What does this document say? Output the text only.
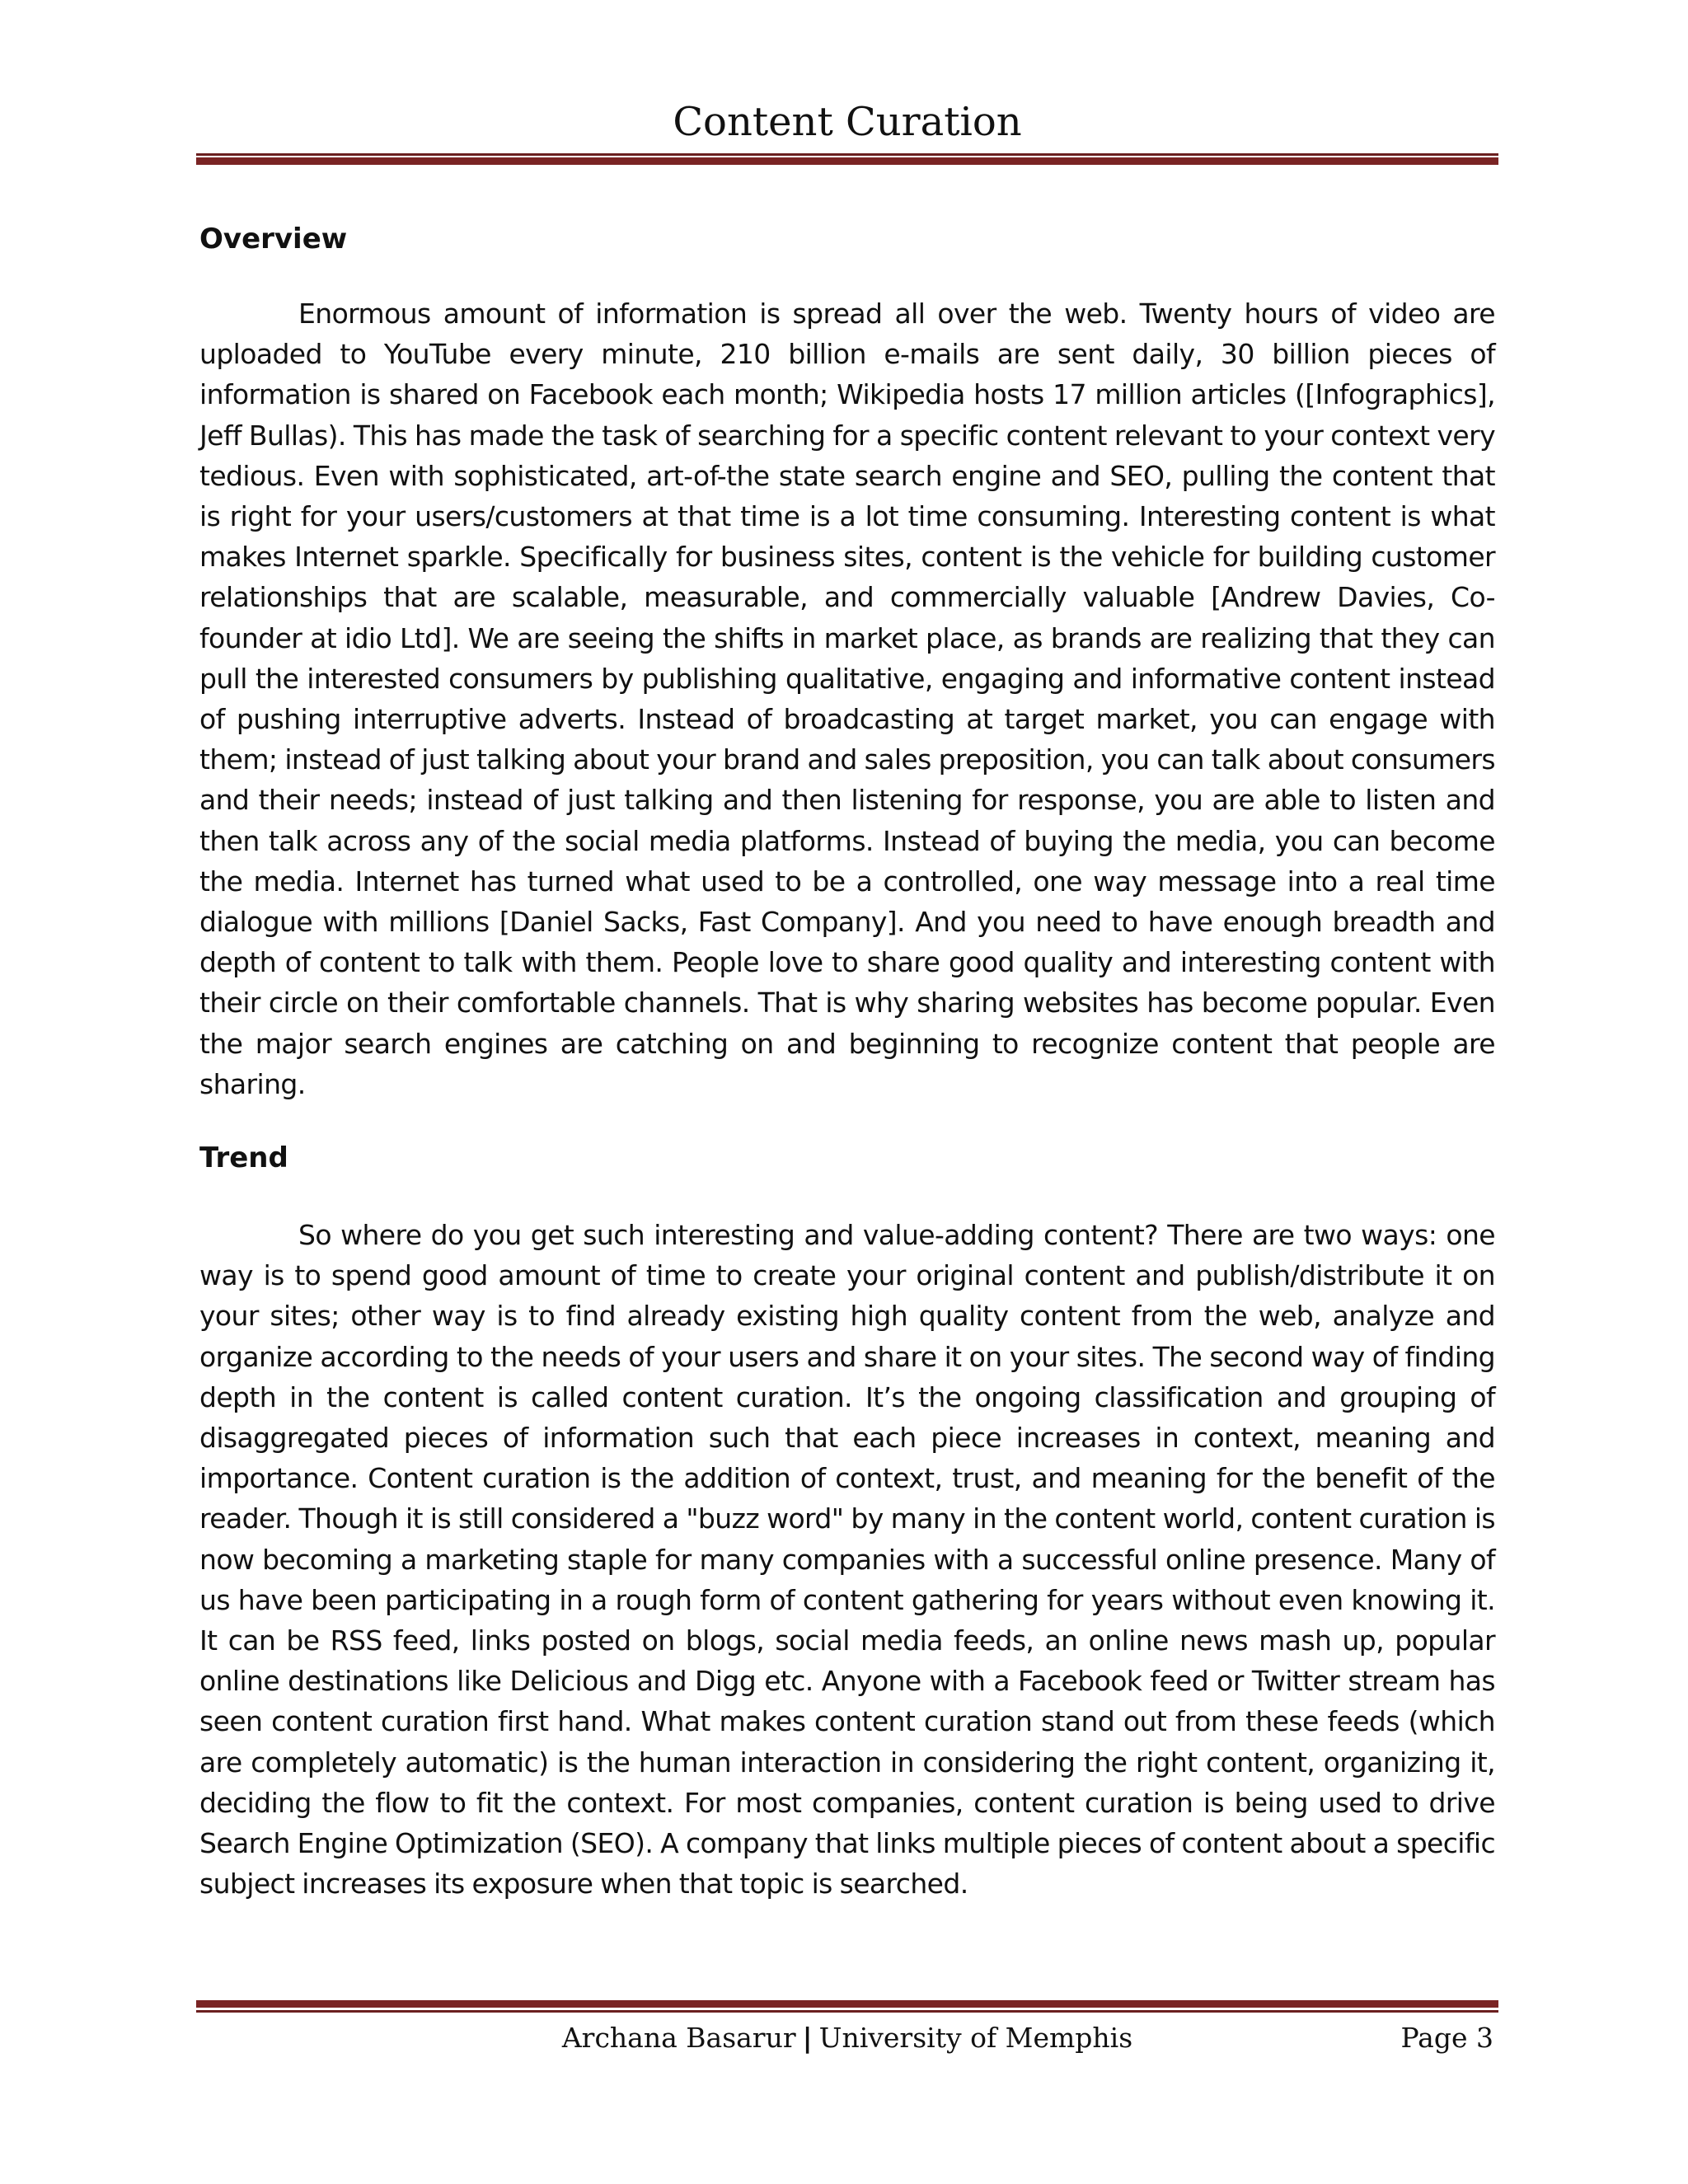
Content Curation
Overview

Enormous amount of information is spread all over the web. Twenty hours of video are uploaded to YouTube every minute, 210 billion e-mails are sent daily, 30 billion pieces of information is shared on Facebook each month; Wikipedia hosts 17 million articles ([Infographics], Jeff Bullas). This has made the task of searching for a specific content relevant to your context very tedious. Even with sophisticated, art-of-the state search engine and SEO, pulling the content that is right for your users/customers at that time is a lot time consuming. Interesting content is what makes Internet sparkle. Specifically for business sites, content is the vehicle for building customer relationships that are scalable, measurable, and commercially valuable [Andrew Davies, Co-founder at idio Ltd]. We are seeing the shifts in market place, as brands are realizing that they can pull the interested consumers by publishing qualitative, engaging and informative content instead of pushing interruptive adverts. Instead of broadcasting at target market, you can engage with them; instead of just talking about your brand and sales preposition, you can talk about consumers and their needs; instead of just talking and then listening for response, you are able to listen and then talk across any of the social media platforms. Instead of buying the media, you can become the media. Internet has turned what used to be a controlled, one way message into a real time dialogue with millions [Daniel Sacks, Fast Company]. And you need to have enough breadth and depth of content to talk with them. People love to share good quality and interesting content with their circle on their comfortable channels. That is why sharing websites has become popular. Even the major search engines are catching on and beginning to recognize content that people are sharing.

Trend

So where do you get such interesting and value-adding content? There are two ways: one way is to spend good amount of time to create your original content and publish/distribute it on your sites; other way is to find already existing high quality content from the web, analyze and organize according to the needs of your users and share it on your sites. The second way of finding depth in the content is called content curation. It’s the ongoing classification and grouping of disaggregated pieces of information such that each piece increases in context, meaning and importance. Content curation is the addition of context, trust, and meaning for the benefit of the reader. Though it is still considered a "buzz word" by many in the content world, content curation is now becoming a marketing staple for many companies with a successful online presence. Many of us have been participating in a rough form of content gathering for years without even knowing it. It can be RSS feed, links posted on blogs, social media feeds, an online news mash up, popular online destinations like Delicious and Digg etc. Anyone with a Facebook feed or Twitter stream has seen content curation first hand. What makes content curation stand out from these feeds (which are completely automatic) is the human interaction in considering the right content, organizing it, deciding the flow to fit the context. For most companies, content curation is being used to drive Search Engine Optimization (SEO). A company that links multiple pieces of content about a specific subject increases its exposure when that topic is searched.

Archana Basarur | University of Memphis	Page 3
